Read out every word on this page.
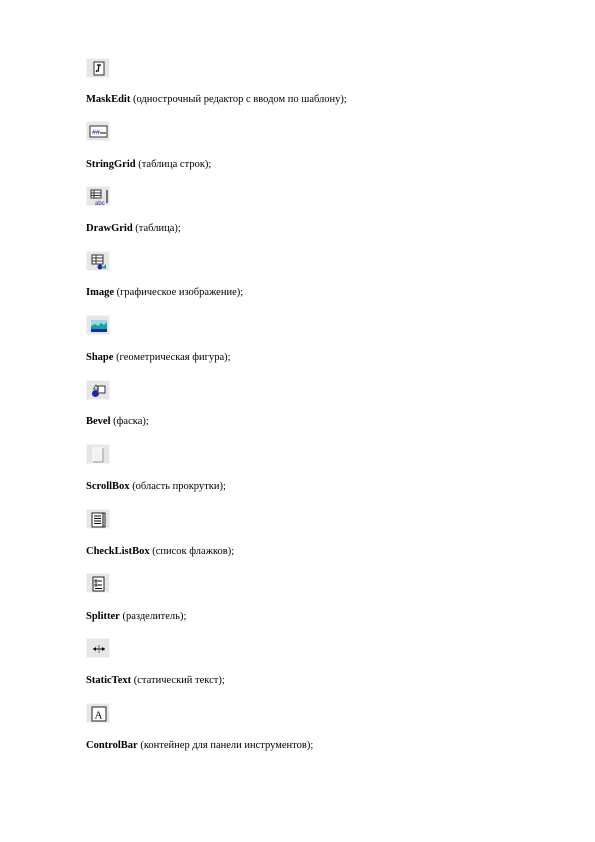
MaskEdit (однострочный редактор с вводом по шаблону);
##
StringGrid (таблица строк);
abc
DrawGrid (таблица);
Image (графическое изображение);
Shape (геометрическая фигура);
Bevel (фаска);
ScrollBox (область прокрутки);
CheckListBox (список флажков);
Splitter (разделитель);
StaticText (статический текст);
A
ControlBar (контейнер для панели инструментов);
